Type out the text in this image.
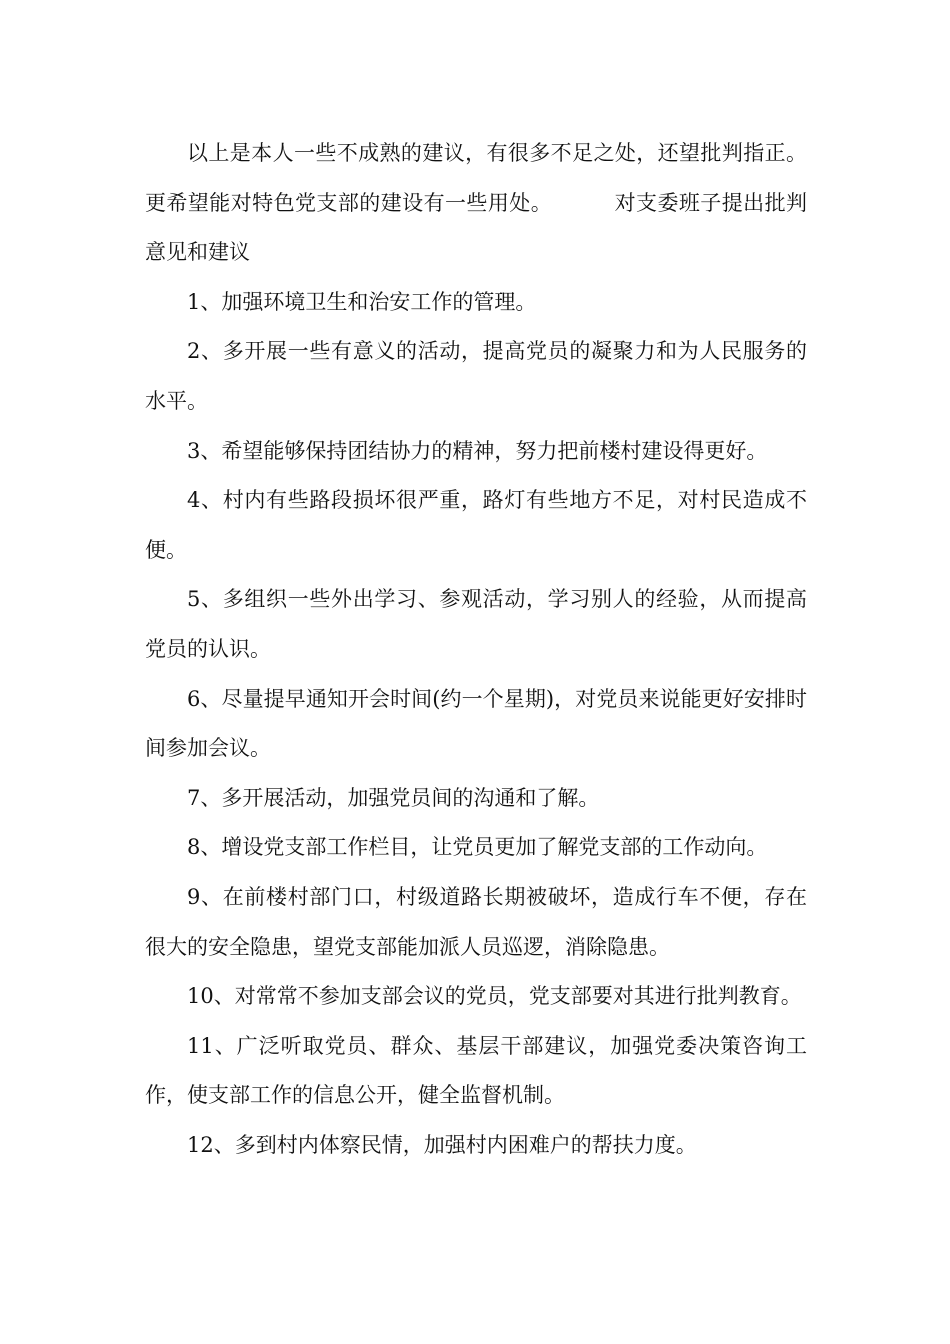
以上是本人一些不成熟的建议，有很多不足之处，还望批判指正。更希望能对特色党支部的建设有一些用处。	对支委班子提出批判意见和建议

1、加强环境卫生和治安工作的管理。

2、多开展一些有意义的活动，提高党员的凝聚力和为人民服务的水平。

3、希望能够保持团结协力的精神，努力把前楼村建设得更好。

4、村内有些路段损坏很严重，路灯有些地方不足，对村民造成不便。

5、多组织一些外出学习、参观活动，学习别人的经验，从而提高党员的认识。

6、尽量提早通知开会时间(约一个星期)，对党员来说能更好安排时间参加会议。

7、多开展活动，加强党员间的沟通和了解。

8、增设党支部工作栏目，让党员更加了解党支部的工作动向。

9、在前楼村部门口，村级道路长期被破坏，造成行车不便，存在很大的安全隐患，望党支部能加派人员巡逻，消除隐患。

10、对常常不参加支部会议的党员，党支部要对其进行批判教育。

11、广泛听取党员、群众、基层干部建议，加强党委决策咨询工作，使支部工作的信息公开，健全监督机制。

12、多到村内体察民情，加强村内困难户的帮扶力度。
